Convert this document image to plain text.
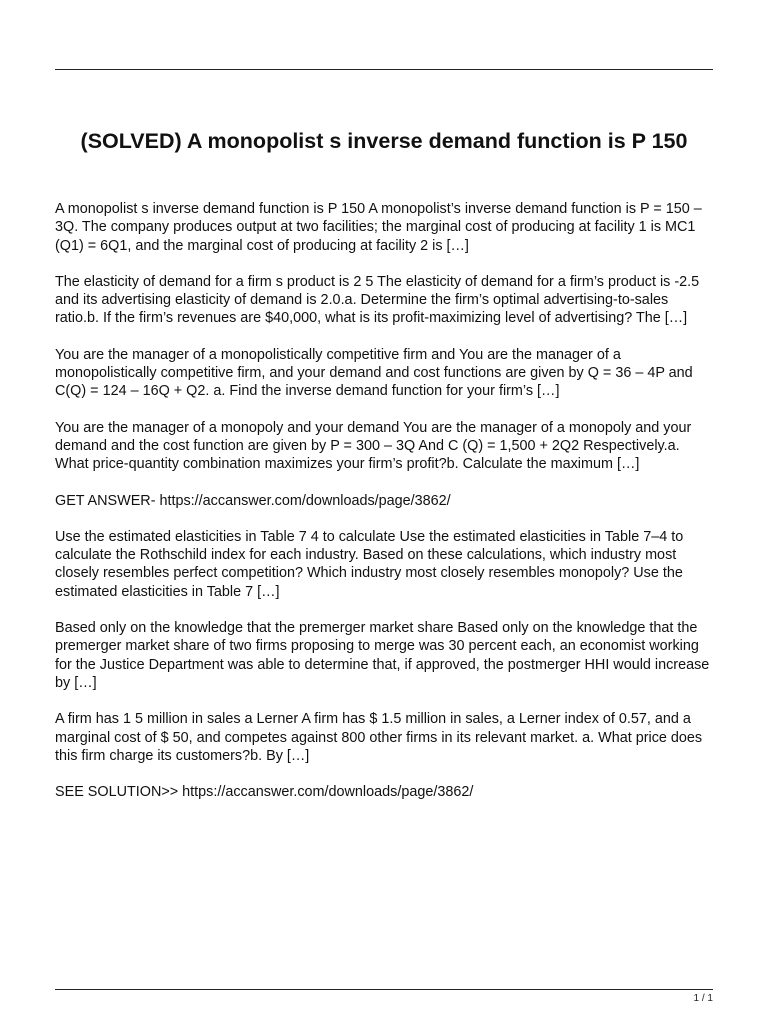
(SOLVED) A monopolist s inverse demand function is P 150

A monopolist s inverse demand function is P 150 A monopolist’s inverse demand function is P = 150 – 3Q. The company produces output at two facilities; the marginal cost of producing at facility 1 is MC1 (Q1) = 6Q1, and the marginal cost of producing at facility 2 is […]

The elasticity of demand for a firm s product is 2 5 The elasticity of demand for a firm’s product is -2.5 and its advertising elasticity of demand is 2.0.a. Determine the firm’s optimal advertising-to-sales ratio.b. If the firm’s revenues are $40,000, what is its profit-maximizing level of advertising? The […]

You are the manager of a monopolistically competitive firm and You are the manager of a monopolistically competitive firm, and your demand and cost functions are given by Q = 36 – 4P and C(Q) = 124 – 16Q + Q2. a. Find the inverse demand function for your firm’s […]

You are the manager of a monopoly and your demand You are the manager of a monopoly and your demand and the cost function are given by P = 300 – 3Q And C (Q) = 1,500 + 2Q2 Respectively.a. What price-quantity combination maximizes your firm’s profit?b. Calculate the maximum […]

GET ANSWER- https://accanswer.com/downloads/page/3862/

Use the estimated elasticities in Table 7 4 to calculate Use the estimated elasticities in Table 7–4 to calculate the Rothschild index for each industry. Based on these calculations, which industry most closely resembles perfect competition? Which industry most closely resembles monopoly? Use the estimated elasticities in Table 7 […]

Based only on the knowledge that the premerger market share Based only on the knowledge that the premerger market share of two firms proposing to merge was 30 percent each, an economist working for the Justice Department was able to determine that, if approved, the postmerger HHI would increase by […]

A firm has 1 5 million in sales a Lerner A firm has $ 1.5 million in sales, a Lerner index of 0.57, and a marginal cost of $ 50, and competes against 800 other firms in its relevant market. a. What price does this firm charge its customers?b. By […]

SEE SOLUTION>> https://accanswer.com/downloads/page/3862/

1 / 1
